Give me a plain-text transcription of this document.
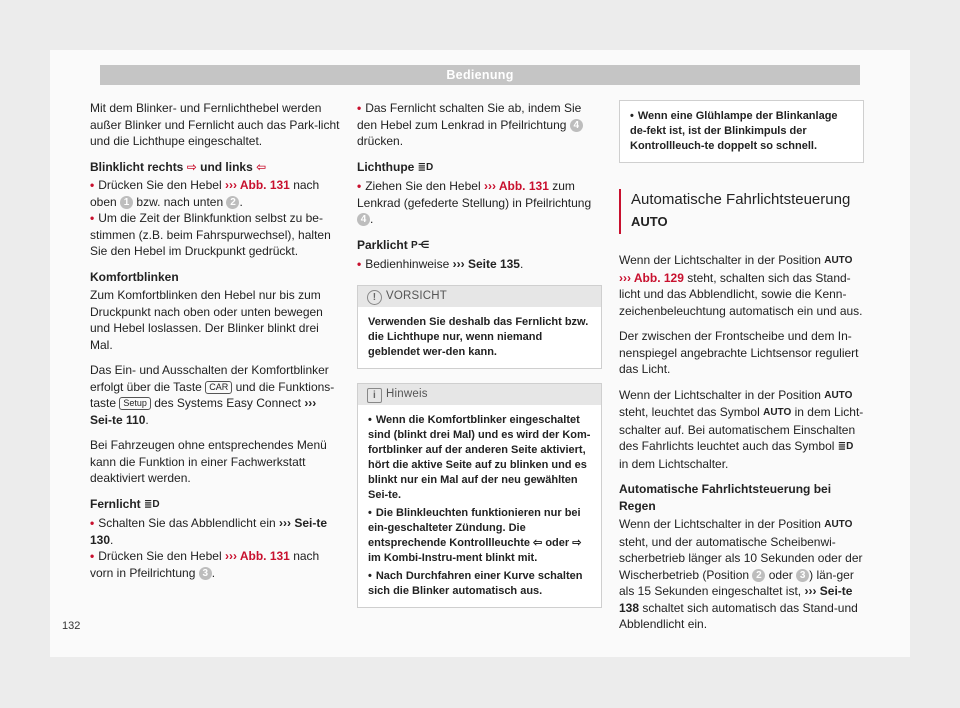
Bedienung

Mit dem Blinker- und Fernlichthebel werden außer Blinker und Fernlicht auch das Park-licht und die Lichthupe eingeschaltet.

Blinklicht rechts ⇨ und links ⇦

• Drücken Sie den Hebel ››› Abb. 131 nach oben 1 bzw. nach unten 2 .

• Um die Zeit der Blinkfunktion selbst zu be-stimmen (z.B. beim Fahrspurwechsel), halten Sie den Hebel im Druckpunkt gedrückt.

Komfortblinken

Zum Komfortblinken den Hebel nur bis zum Druckpunkt nach oben oder unten bewegen und Hebel loslassen. Der Blinker blinkt drei Mal.

Das Ein- und Ausschalten der Komfortblinker erfolgt über die Taste CAR und die Funktions-taste Setup des Systems Easy Connect ››› Sei-te 110.

Bei Fahrzeugen ohne entsprechendes Menü kann die Funktion in einer Fachwerkstatt deaktiviert werden.

Fernlicht ≣D

• Schalten Sie das Abblendlicht ein ››› Sei-te 130.

• Drücken Sie den Hebel ››› Abb. 131 nach vorn in Pfeilrichtung 3 .

• Das Fernlicht schalten Sie ab, indem Sie den Hebel zum Lenkrad in Pfeilrichtung 4 drücken.

Lichthupe ≣D

• Ziehen Sie den Hebel ››› Abb. 131 zum Lenkrad (gefederte Stellung) in Pfeilrichtung 4 .

Parklicht P⋲

• Bedienhinweise ››› Seite 135.

! VORSICHT
Verwenden Sie deshalb das Fernlicht bzw. die Lichthupe nur, wenn niemand geblendet wer-den kann.
i Hinweis

• Wenn die Komfortblinker eingeschaltet sind (blinkt drei Mal) und es wird der Kom-fortblinker auf der anderen Seite aktiviert, hört die aktive Seite auf zu blinken und es blinkt nur ein Mal auf der neu gewählten Sei-te.

• Die Blinkleuchten funktionieren nur bei ein-geschalteter Zündung. Die entsprechende Kontrollleuchte ⇦ oder ⇨ im Kombi-Instru-ment blinkt mit.

• Nach Durchfahren einer Kurve schalten sich die Blinker automatisch aus.

• Wenn eine Glühlampe der Blinkanlage de-fekt ist, ist der Blinkimpuls der Kontrollleuch-te doppelt so schnell.

Automatische Fahrlichtsteuerung AUTO

Wenn der Lichtschalter in der Position AUTO ››› Abb. 129 steht, schalten sich das Stand-licht und das Abblendlicht, sowie die Kenn-zeichenbeleuchtung automatisch ein und aus.

Der zwischen der Frontscheibe und dem In-nenspiegel angebrachte Lichtsensor reguliert das Licht.

Wenn der Lichtschalter in der Position AUTO steht, leuchtet das Symbol AUTO in dem Licht-schalter auf. Bei automatischem Einschalten des Fahrlichts leuchtet auch das Symbol ≣D in dem Lichtschalter.

Automatische Fahrlichtsteuerung bei Regen

Wenn der Lichtschalter in der Position AUTO steht, und der automatische Scheibenwi-scherbetrieb länger als 10 Sekunden oder der Wischerbetrieb (Position 2 oder 3 ) län-ger als 15 Sekunden eingeschaltet ist, ››› Sei-te 138 schaltet sich automatisch das Stand-und Abblendlicht ein.

132
